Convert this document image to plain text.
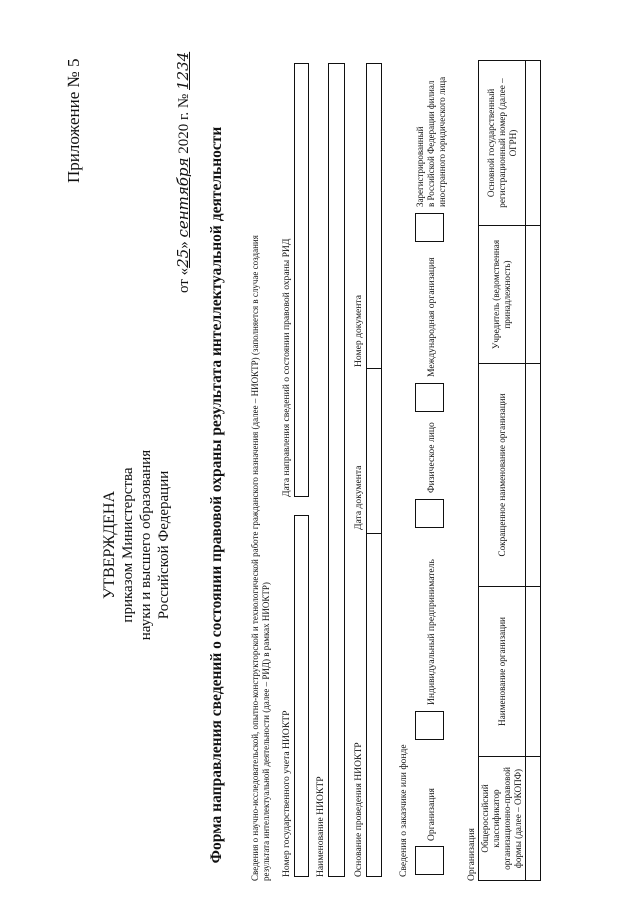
Приложение № 5
УТВЕРЖДЕНА приказом Министерства науки и высшего образования Российской Федерации
от «25» сентября 2020 г. № 1234
Форма направления сведений о состоянии правовой охраны результата интеллектуальной деятельности	Сведения о научно-исследовательской, опытно-конструкторской и технологической работе гражданского назначения (далее – НИОКТР) (заполняется в случае создания результата интеллектуальной деятельности (далее – РИД) в рамках НИОКТР) Номер государственного учета НИОКТР
Дата направления сведений о состоянии правовой охраны РИД
Наименование НИОКТР	Основание проведения НИОКТР
Дата документа
Номер документа
Сведения о заказчике или фонде Организация
Индивидуальный предприниматель
Физическое лицо
Международная организация
Зарегистрированный в Российской Федерации филиал иностранного юридического лица
Организация
Общероссийский классификатор организационно-правовой формы (далее – ОКОПФ)	Наименование организации	Сокращенное наименование организации	Учредитель (ведомственная принадлежность)	Основной государственный регистрационный номер (далее – ОГРН)
